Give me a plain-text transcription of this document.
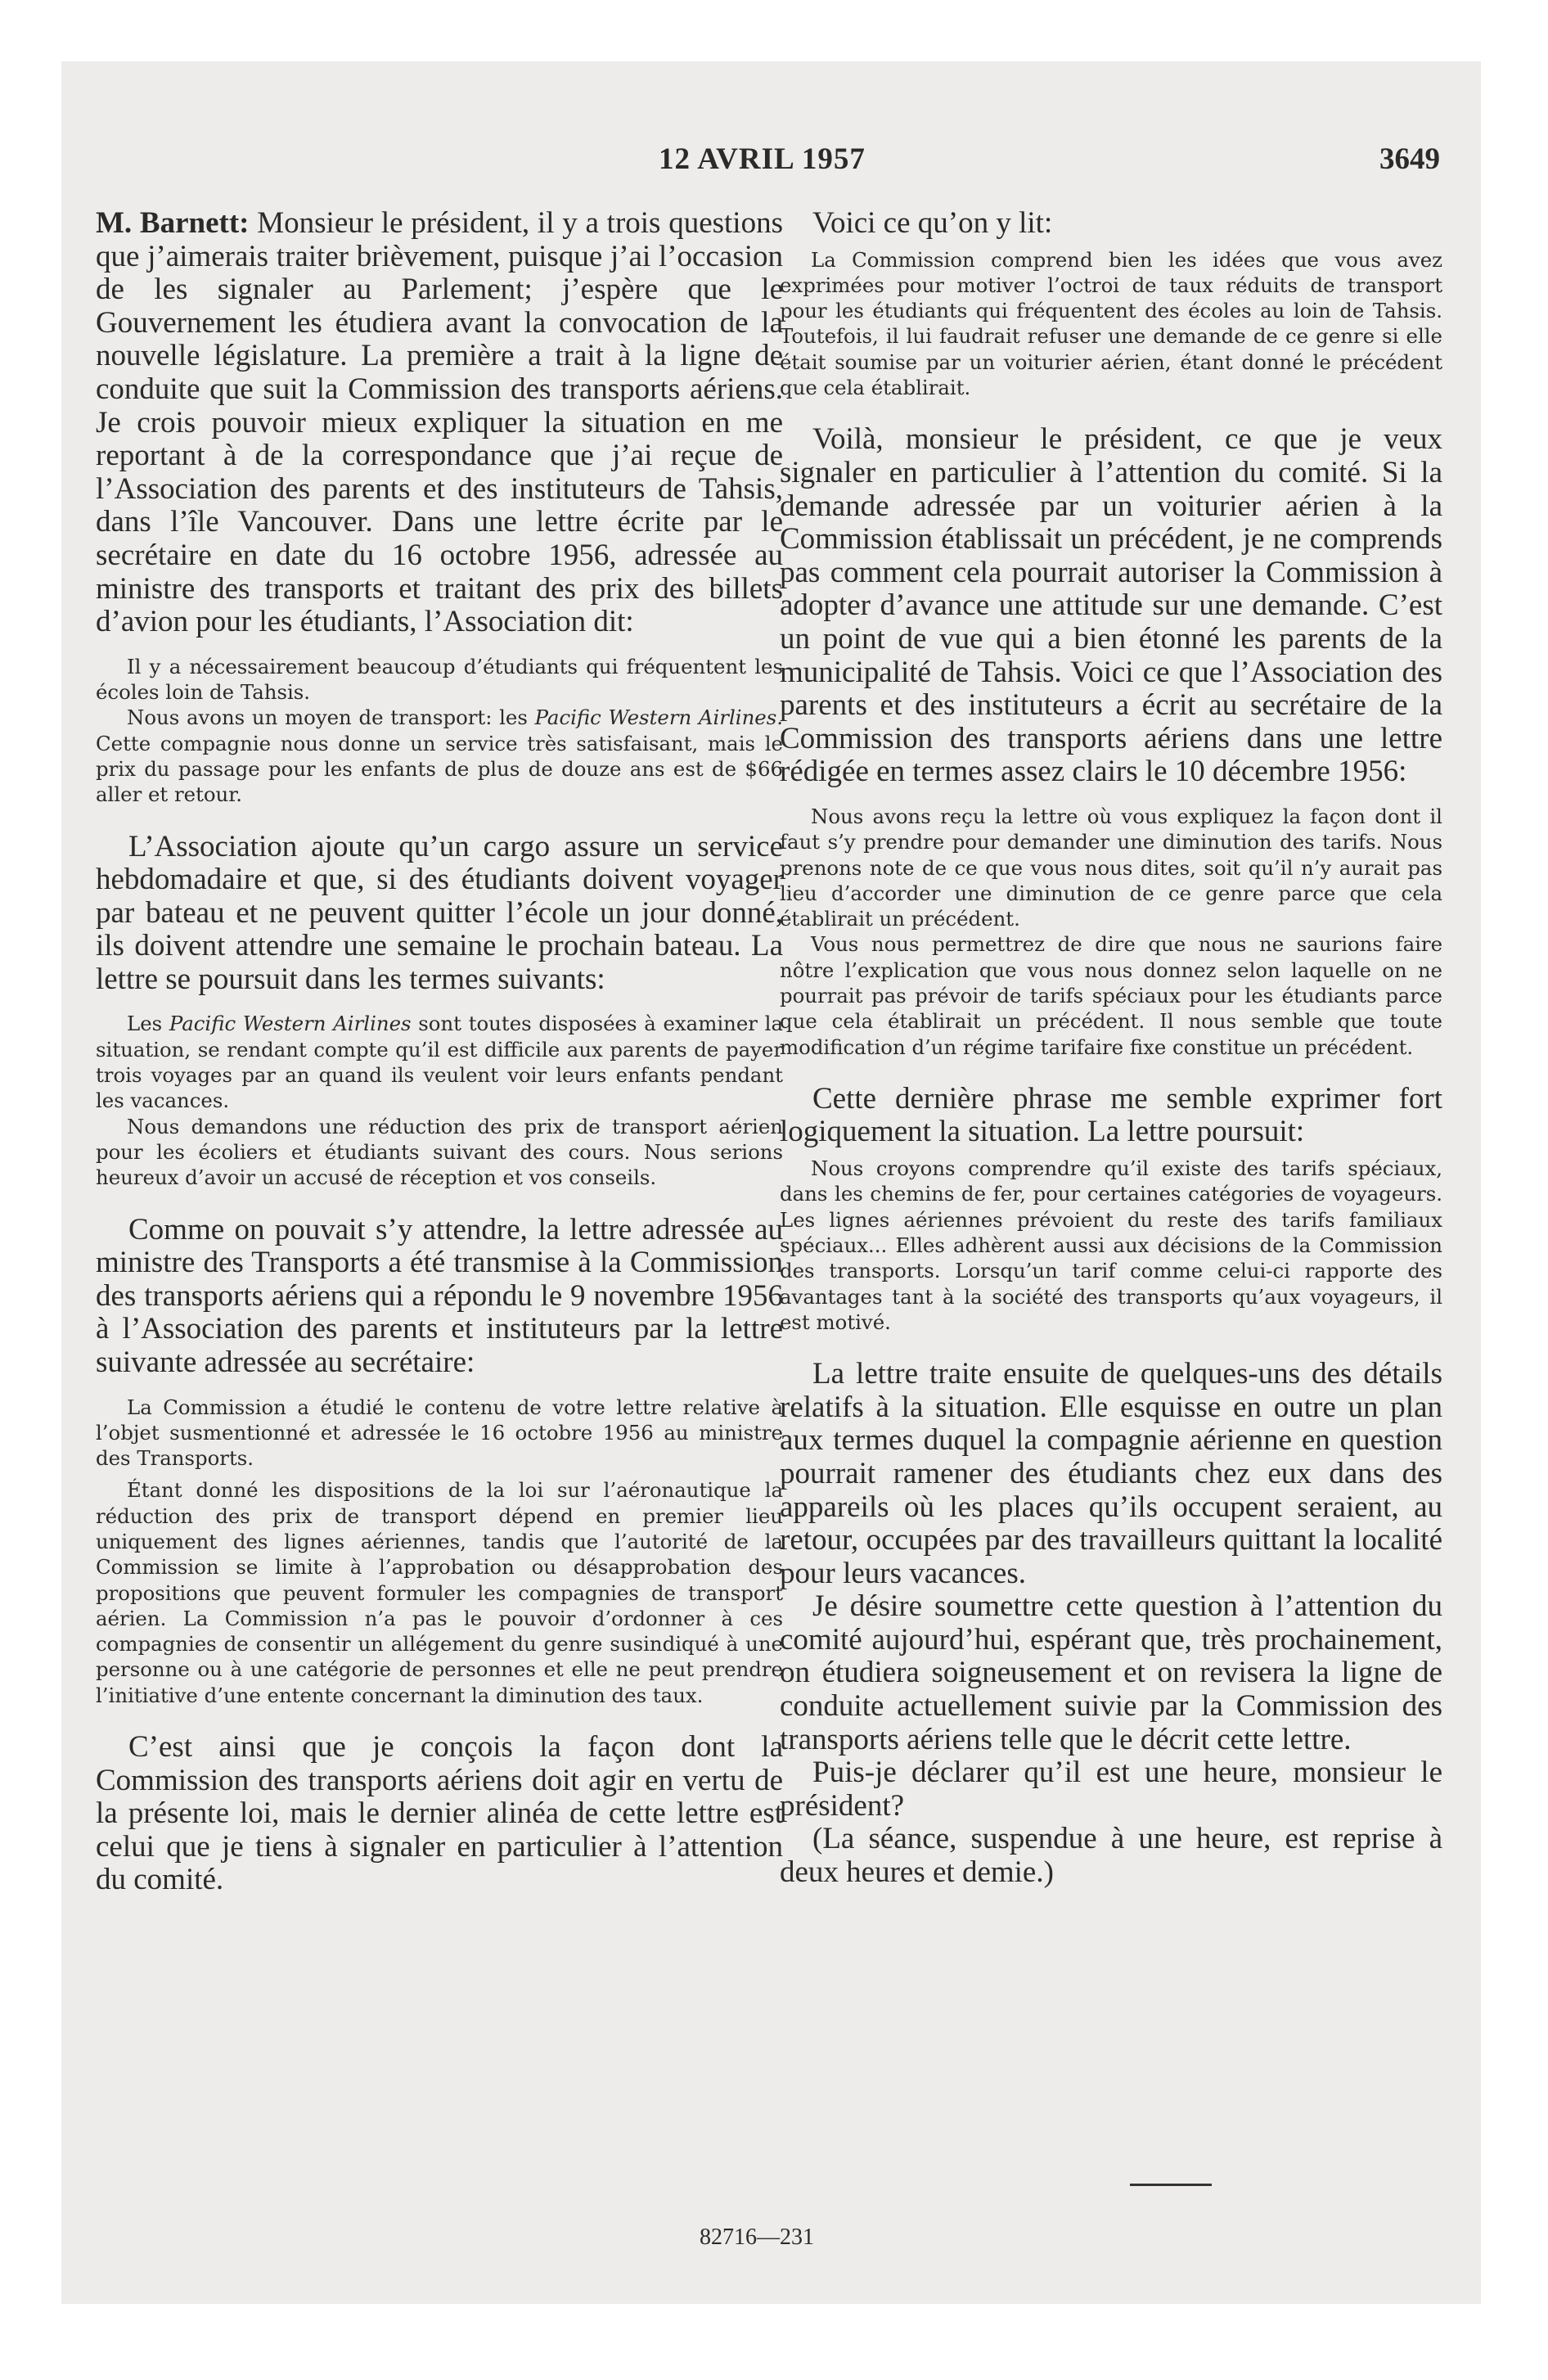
12 AVRIL 1957	3649

M. Barnett: Monsieur le président, il y a trois questions que j’aimerais traiter brièvement, puisque j’ai l’occasion de les signaler au Parlement; j’espère que le Gouvernement les étudiera avant la convocation de la nouvelle législature. La première a trait à la ligne de conduite que suit la Commission des transports aériens. Je crois pouvoir mieux expliquer la situation en me reportant à de la correspondance que j’ai reçue de l’Association des parents et des instituteurs de Tahsis, dans l’île Vancouver. Dans une lettre écrite par le secrétaire en date du 16 octobre 1956, adressée au ministre des transports et traitant des prix des billets d’avion pour les étudiants, l’Association dit:

Il y a nécessairement beaucoup d’étudiants qui fréquentent les écoles loin de Tahsis.

Nous avons un moyen de transport: les Pacific Western Airlines. Cette compagnie nous donne un service très satisfaisant, mais le prix du passage pour les enfants de plus de douze ans est de $66 aller et retour.

L’Association ajoute qu’un cargo assure un service hebdomadaire et que, si des étudiants doivent voyager par bateau et ne peuvent quitter l’école un jour donné, ils doivent attendre une semaine le prochain bateau. La lettre se poursuit dans les termes suivants:

Les Pacific Western Airlines sont toutes disposées à examiner la situation, se rendant compte qu’il est difficile aux parents de payer trois voyages par an quand ils veulent voir leurs enfants pendant les vacances.

Nous demandons une réduction des prix de transport aérien pour les écoliers et étudiants suivant des cours. Nous serions heureux d’avoir un accusé de réception et vos conseils.

Comme on pouvait s’y attendre, la lettre adressée au ministre des Transports a été transmise à la Commission des transports aériens qui a répondu le 9 novembre 1956 à l’Association des parents et instituteurs par la lettre suivante adressée au secrétaire:

La Commission a étudié le contenu de votre lettre relative à l’objet susmentionné et adressée le 16 octobre 1956 au ministre des Transports.

Étant donné les dispositions de la loi sur l’aéronautique la réduction des prix de transport dépend en premier lieu uniquement des lignes aériennes, tandis que l’autorité de la Commission se limite à l’approbation ou désapprobation des propositions que peuvent formuler les compagnies de transport aérien. La Commission n’a pas le pouvoir d’ordonner à ces compagnies de consentir un allégement du genre susindiqué à une personne ou à une catégorie de personnes et elle ne peut prendre l’initiative d’une entente concernant la diminution des taux.

C’est ainsi que je conçois la façon dont la Commission des transports aériens doit agir en vertu de la présente loi, mais le dernier alinéa de cette lettre est celui que je tiens à signaler en particulier à l’attention du comité.

Voici ce qu’on y lit:

La Commission comprend bien les idées que vous avez exprimées pour motiver l’octroi de taux réduits de transport pour les étudiants qui fréquentent des écoles au loin de Tahsis. Toutefois, il lui faudrait refuser une demande de ce genre si elle était soumise par un voiturier aérien, étant donné le précédent que cela établirait.

Voilà, monsieur le président, ce que je veux signaler en particulier à l’attention du comité. Si la demande adressée par un voiturier aérien à la Commission établissait un précédent, je ne comprends pas comment cela pourrait autoriser la Commission à adopter d’avance une attitude sur une demande. C’est un point de vue qui a bien étonné les parents de la municipalité de Tahsis. Voici ce que l’Association des parents et des instituteurs a écrit au secrétaire de la Commission des transports aériens dans une lettre rédigée en termes assez clairs le 10 décembre 1956:

Nous avons reçu la lettre où vous expliquez la façon dont il faut s’y prendre pour demander une diminution des tarifs. Nous prenons note de ce que vous nous dites, soit qu’il n’y aurait pas lieu d’accorder une diminution de ce genre parce que cela établirait un précédent.

Vous nous permettrez de dire que nous ne saurions faire nôtre l’explication que vous nous donnez selon laquelle on ne pourrait pas prévoir de tarifs spéciaux pour les étudiants parce que cela établirait un précédent. Il nous semble que toute modification d’un régime tarifaire fixe constitue un précédent.

Cette dernière phrase me semble exprimer fort logiquement la situation. La lettre poursuit:

Nous croyons comprendre qu’il existe des tarifs spéciaux, dans les chemins de fer, pour certaines catégories de voyageurs. Les lignes aériennes prévoient du reste des tarifs familiaux spéciaux... Elles adhèrent aussi aux décisions de la Commission des transports. Lorsqu’un tarif comme celui-ci rapporte des avantages tant à la société des transports qu’aux voyageurs, il est motivé.

La lettre traite ensuite de quelques-uns des détails relatifs à la situation. Elle esquisse en outre un plan aux termes duquel la compagnie aérienne en question pourrait ramener des étudiants chez eux dans des appareils où les places qu’ils occupent seraient, au retour, occupées par des travailleurs quittant la localité pour leurs vacances.

Je désire soumettre cette question à l’attention du comité aujourd’hui, espérant que, très prochainement, on étudiera soigneusement et on revisera la ligne de conduite actuellement suivie par la Commission des transports aériens telle que le décrit cette lettre.

Puis-je déclarer qu’il est une heure, monsieur le président?

(La séance, suspendue à une heure, est reprise à deux heures et demie.)

82716—231
